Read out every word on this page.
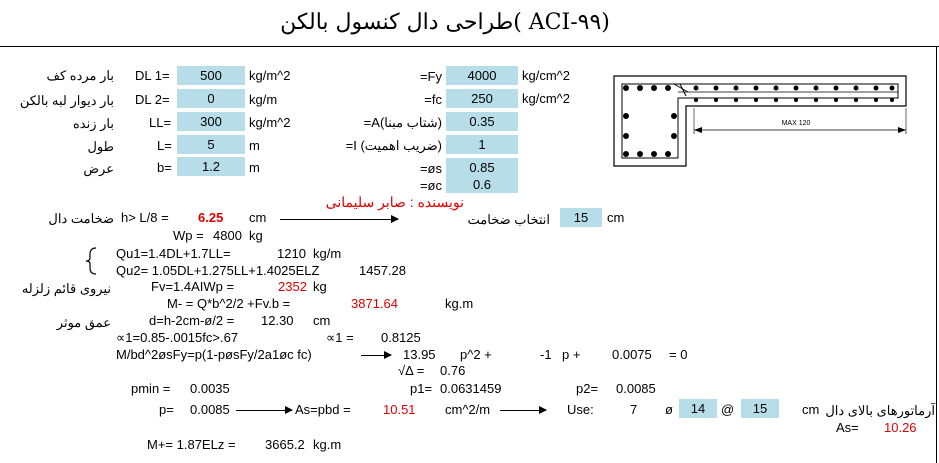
طراحی دال کنسول بالکن( ACI-۹۹)
بار مرده کف DL 1=	500	kg/m^2
بار دیوار لبه بالکن DL 2=	0	kg/m
بار زنده	LL=	300	kg/m^2
طول	L=	5	m
عرض	b=	1.2	m
Fy=	4000	kg/cm^2
fc=	250	kg/cm^2
(شتاب مبنا)A=	0.35
(ضریب اهمیت) I=	1
øs=	0.85
øc=	0.6
نویسنده : صابر سلیمانی
ضخامت دال h> L/8 = 6.25 cm	انتخاب ضخامت	15	cm
Wp = 4800 kg
Qu1=1.4DL+1.7LL=	1210 kg/m
Qu2= 1.05DL+1.275LL+1.4025ELZ	1457.28
نیروی قائم زلزله	Fv=1.4AIWp =	2352 kg
M- = Q*b^2/2 +Fv.b =	3871.64	kg.m
عمق موثر	d=h-2cm-ø/2 = 12.30 cm
∝1=0.85-.0015fc>.67	∝1 = 0.8125
M/bd^2øsFy=p(1-pøsFy/2a1øc fc)	13.95 p^2 +	-1 p + 0.0075 = 0
√Δ = 0.76
pmin = 0.0035	p1= 0.0631459	p2= 0.0085
p= 0.0085	As=pbd = 10.51 cm^2/m	Use:	7 ø	14	@	15	cm آرماتورهای بالای دال
As= 10.26
M+= 1.87ELz = 3665.2 kg.m
MAX 120
